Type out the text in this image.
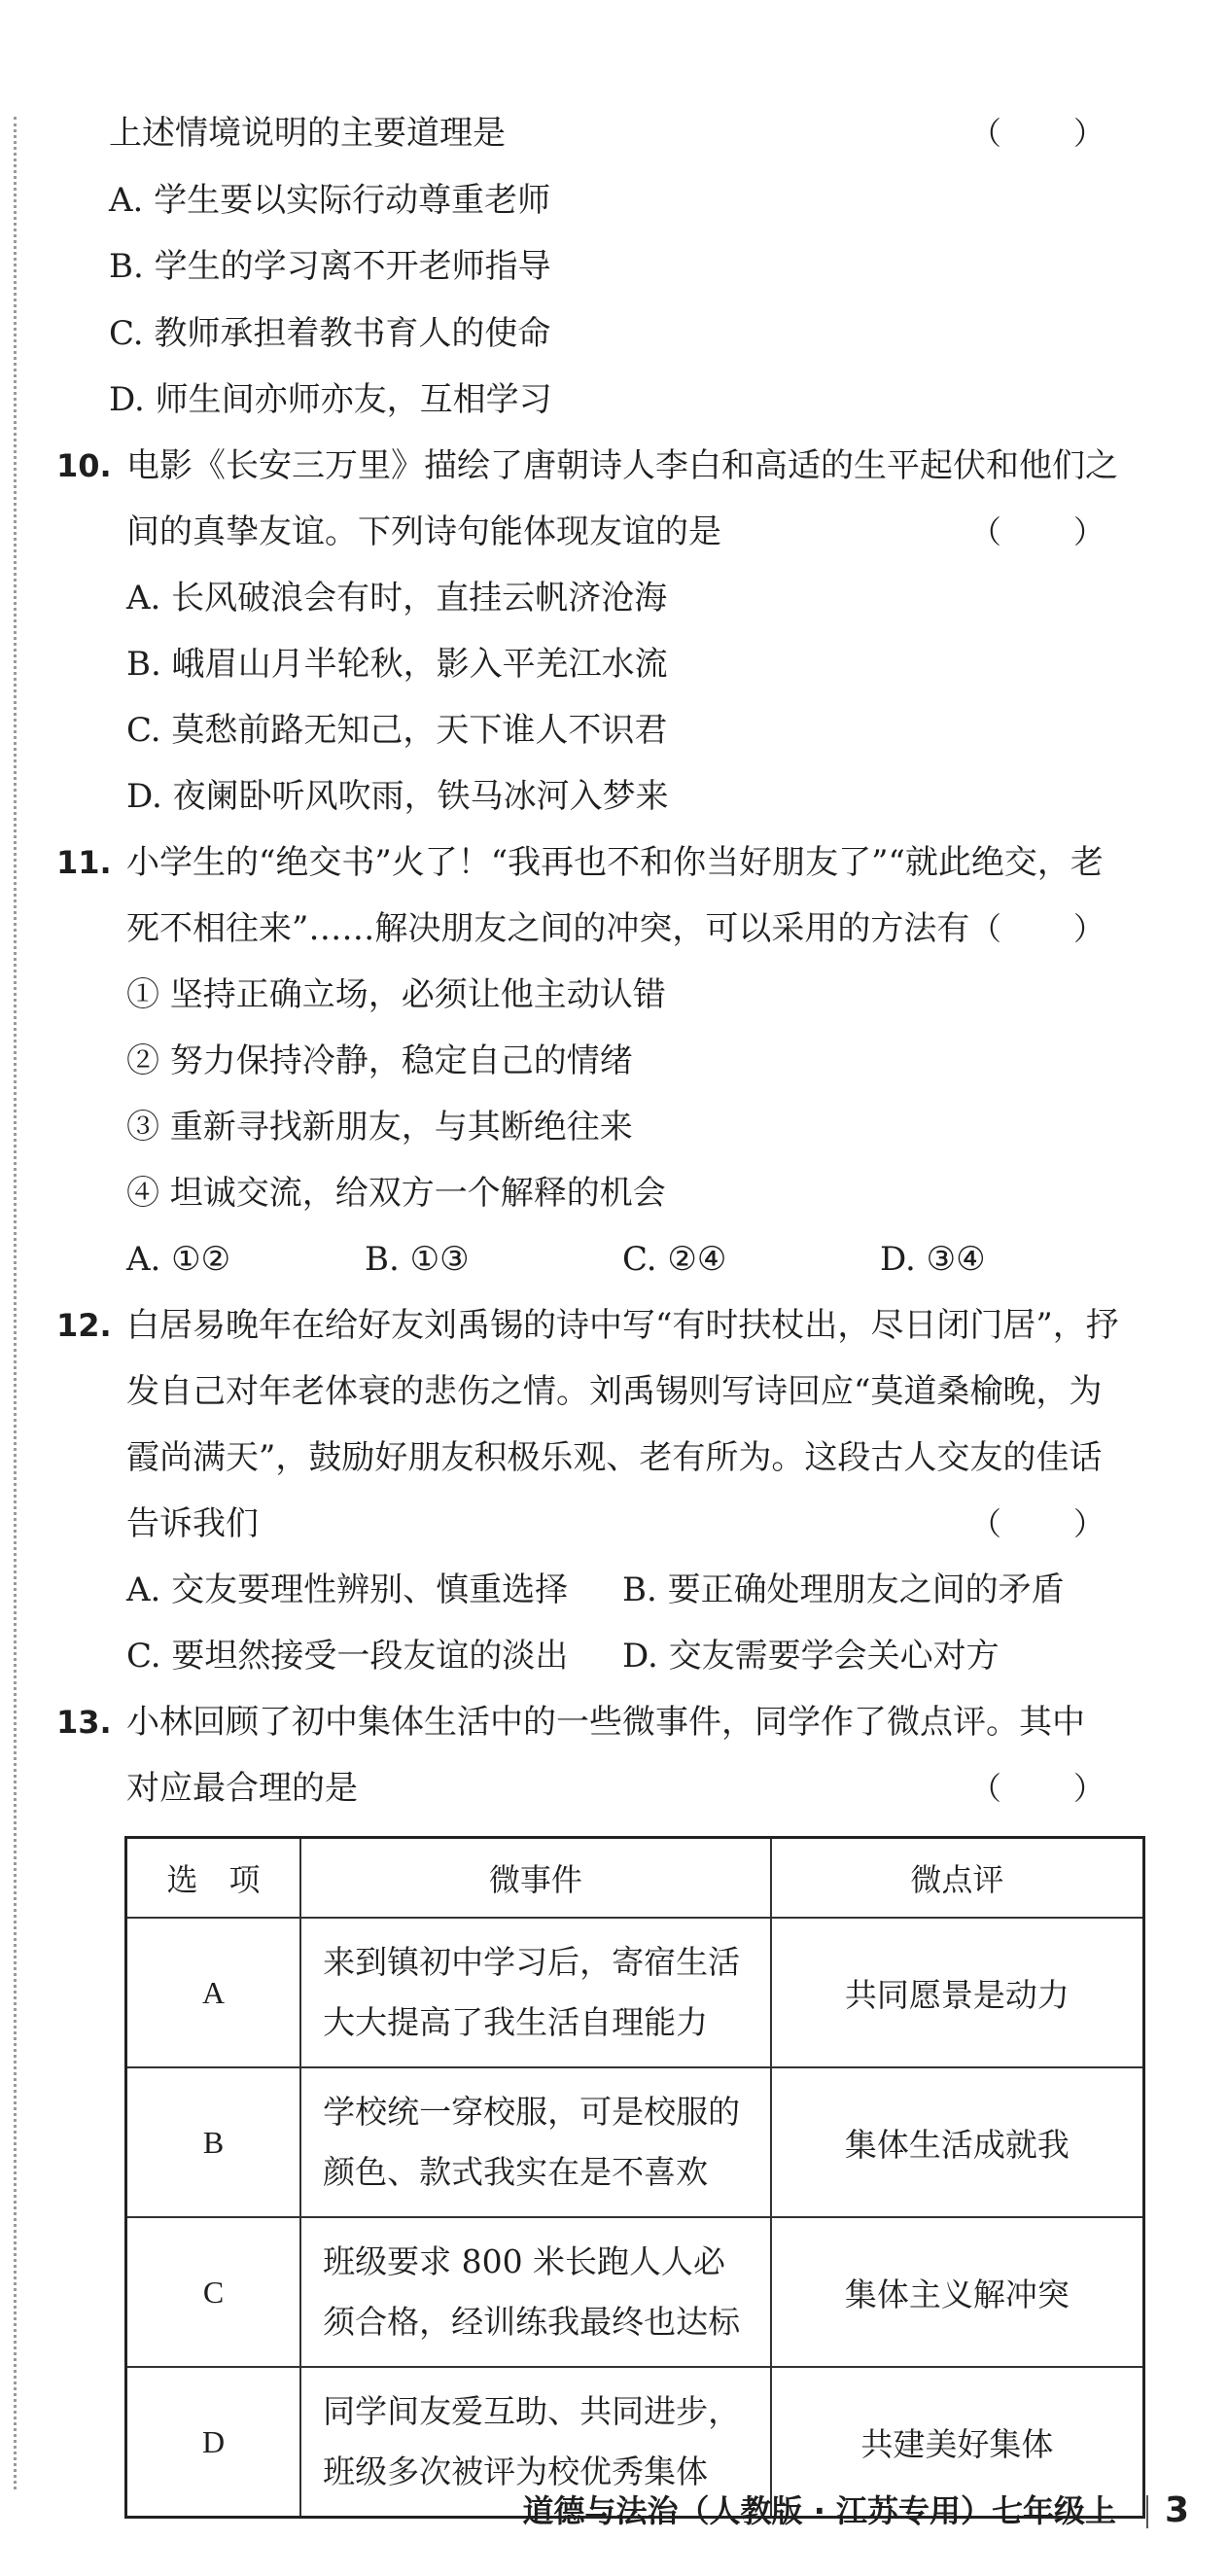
上述情境说明的主要道理是	（ ）
A. 学生要以实际行动尊重老师
B. 学生的学习离不开老师指导
C. 教师承担着教书育人的使命
D. 师生间亦师亦友，互相学习
10. 电影《长安三万里》描绘了唐朝诗人李白和高适的生平起伏和他们之
间的真挚友谊。下列诗句能体现友谊的是	（ ）
A. 长风破浪会有时，直挂云帆济沧海
B. 峨眉山月半轮秋，影入平羌江水流
C. 莫愁前路无知己，天下谁人不识君
D. 夜阑卧听风吹雨，铁马冰河入梦来
11. 小学生的“绝交书”火了！“我再也不和你当好朋友了”“就此绝交，老
死不相往来”……解决朋友之间的冲突，可以采用的方法有 （ ）
① 坚持正确立场，必须让他主动认错
② 努力保持冷静，稳定自己的情绪
③ 重新寻找新朋友，与其断绝往来
④ 坦诚交流，给双方一个解释的机会
A. ①②	B. ①③	C. ②④	D. ③④
12. 白居易晚年在给好友刘禹锡的诗中写“有时扶杖出，尽日闭门居”，抒
发自己对年老体衰的悲伤之情。刘禹锡则写诗回应“莫道桑榆晚，为
霞尚满天”，鼓励好朋友积极乐观、老有所为。这段古人交友的佳话
告诉我们	（ ）
A. 交友要理性辨别、慎重选择 B. 要正确处理朋友之间的矛盾
C. 要坦然接受一段友谊的淡出 D. 交友需要学会关心对方
13. 小林回顾了初中集体生活中的一些微事件，同学作了微点评。其中
对应最合理的是	（ ）
选　项	微事件	微点评
A	来到镇初中学习后，寄宿生活
大大提高了我生活自理能力	共同愿景是动力
B	学校统一穿校服，可是校服的
颜色、款式我实在是不喜欢	集体生活成就我
C	班级要求 800 米长跑人人必
须合格，经训练我最终也达标	集体主义解冲突
D	同学间友爱互助、共同进步，
班级多次被评为校优秀集体	共建美好集体
道德与法治（人教版 · 江苏专用）七年级上 3
